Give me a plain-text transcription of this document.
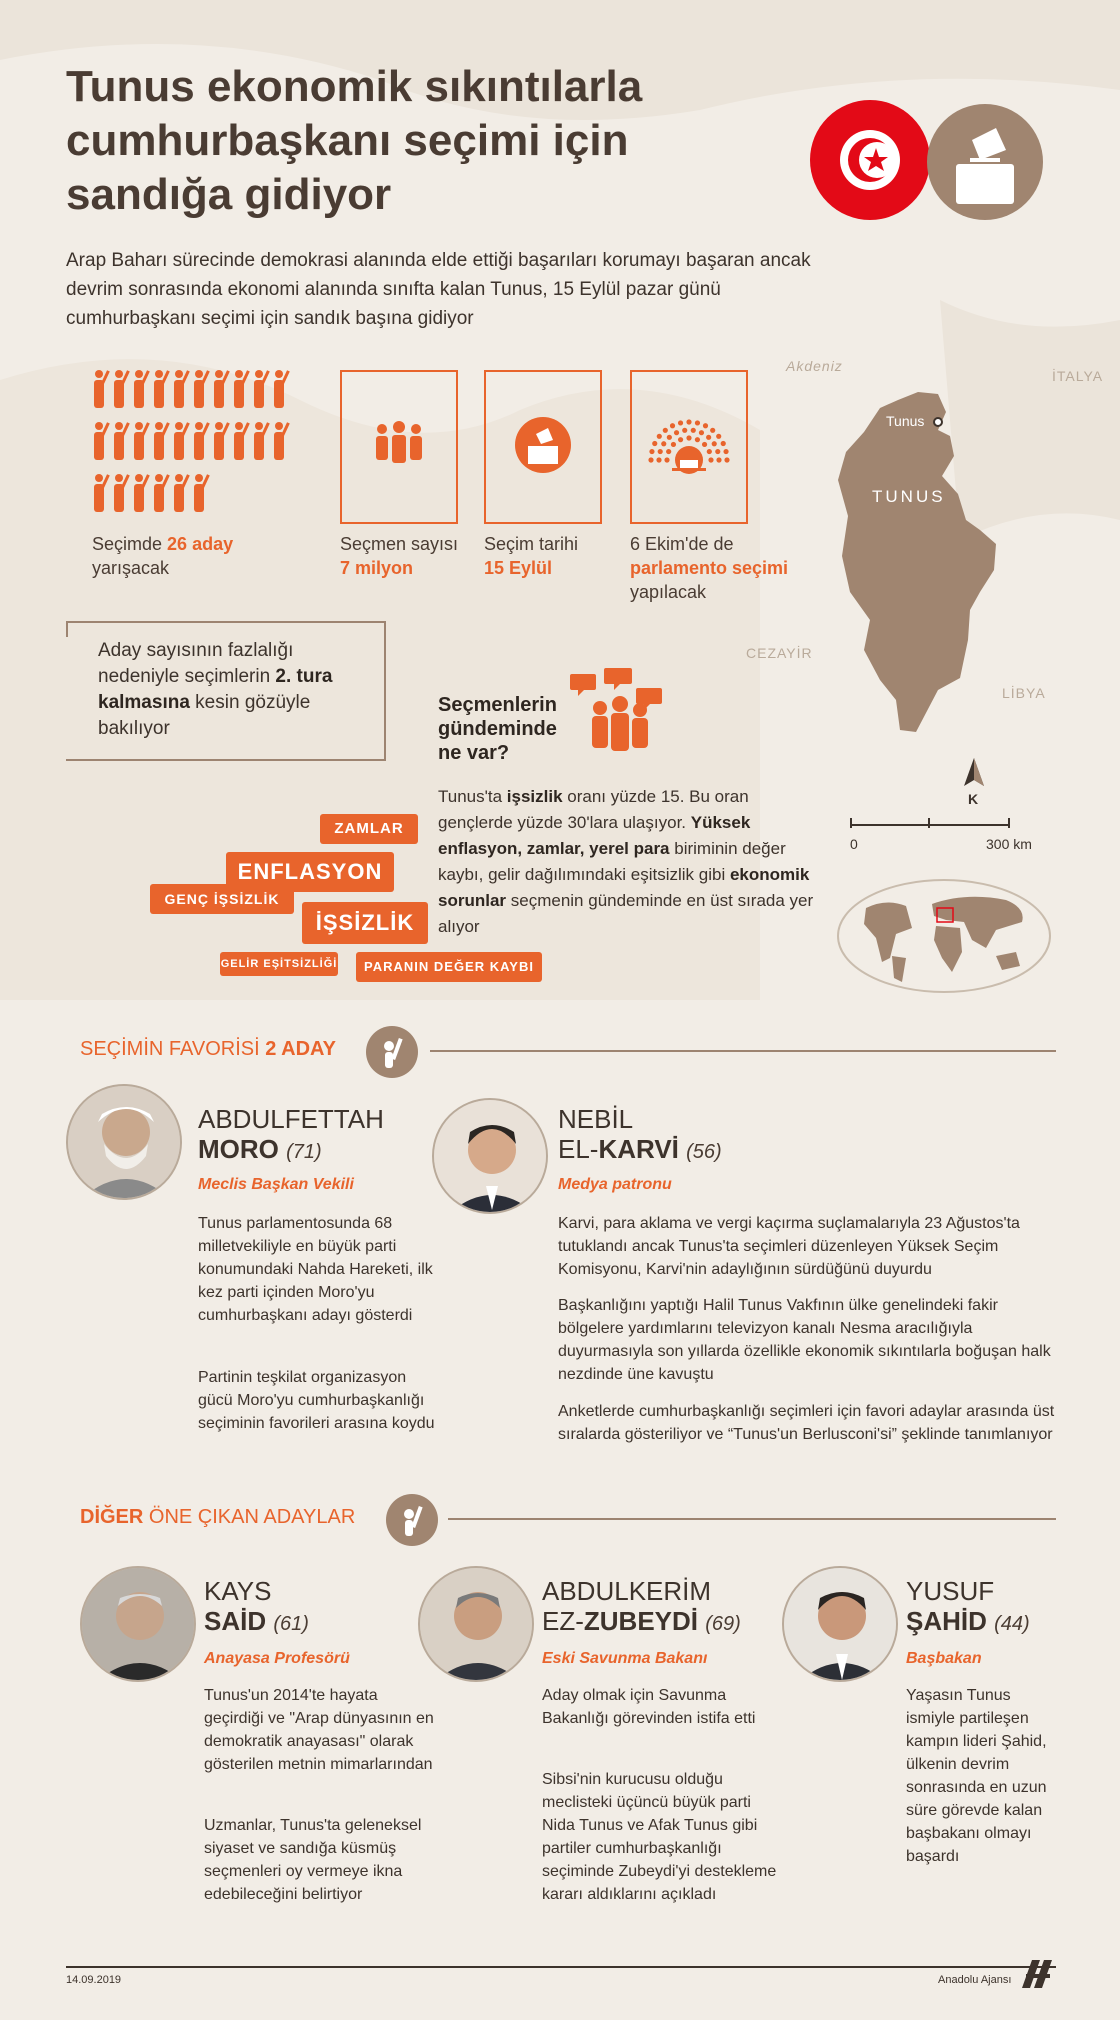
Tunus ekonomik sıkıntılarla
cumhurbaşkanı seçimi için
sandığa gidiyor
Arap Baharı sürecinde demokrasi alanında elde ettiği başarıları korumayı başaran ancak devrim sonrasında ekonomi alanında sınıfta kalan Tunus, 15 Eylül pazar günü cumhurbaşkanı seçimi için sandık başına gidiyor
Seçimde 26 aday
yarışacak
Seçmen sayısı
7 milyon
Seçim tarihi
15 Eylül
6 Ekim'de de
parlamento seçimi
yapılacak
Akdeniz
İTALYA
Tunus
TUNUS
CEZAYİR
LİBYA
K
0	300 km
Aday sayısının fazlalığı nedeniyle seçimlerin 2. tura kalmasına kesin gözüyle bakılıyor
Seçmenlerin
gündeminde
ne var?
Tunus'ta işsizlik oranı yüzde 15. Bu oran gençlerde yüzde 30'lara ulaşıyor. Yüksek enflasyon, zamlar, yerel para biriminin değer kaybı, gelir dağılımındaki eşitsizlik gibi ekonomik sorunlar seçmenin gündeminde en üst sırada yer alıyor
ZAMLAR
ENFLASYON
GENÇ İŞSİZLİK
İŞSİZLİK
GELİR EŞİTSİZLİĞİ	PARANIN DEĞER KAYBI
SEÇİMİN FAVORİSİ 2 ADAY
ABDULFETTAH
MORO (71)
Meclis Başkan Vekili
Tunus parlamentosunda 68 milletvekiliyle en büyük parti konumundaki Nahda Hareketi, ilk kez parti içinden Moro'yu cumhurbaşkanı adayı gösterdi
Partinin teşkilat organizasyon gücü Moro'yu cumhurbaşkanlığı seçiminin favorileri arasına koydu
NEBİL
EL-KARVİ (56)
Medya patronu
Karvi, para aklama ve vergi kaçırma suçlamalarıyla 23 Ağustos'ta tutuklandı ancak Tunus'ta seçimleri düzenleyen Yüksek Seçim Komisyonu, Karvi'nin adaylığının sürdüğünü duyurdu
Başkanlığını yaptığı Halil Tunus Vakfının ülke genelindeki fakir bölgelere yardımlarını televizyon kanalı Nesma aracılığıyla duyurmasıyla son yıllarda özellikle ekonomik sıkıntılarla boğuşan halk nezdinde üne kavuştu
Anketlerde cumhurbaşkanlığı seçimleri için favori adaylar arasında üst sıralarda gösteriliyor ve “Tunus'un Berlusconi'si” şeklinde tanımlanıyor
DİĞER ÖNE ÇIKAN ADAYLAR
KAYS
SAİD (61)
Anayasa Profesörü
Tunus'un 2014'te hayata geçirdiği ve "Arap dünyasının en demokratik anayasası" olarak gösterilen metnin mimarlarından
Uzmanlar, Tunus'ta geleneksel siyaset ve sandığa küsmüş seçmenleri oy vermeye ikna edebileceğini belirtiyor
ABDULKERİM
EZ-ZUBEYDİ (69)
Eski Savunma Bakanı
Aday olmak için Savunma Bakanlığı görevinden istifa etti
Sibsi'nin kurucusu olduğu meclisteki üçüncü büyük parti Nida Tunus ve Afak Tunus gibi partiler cumhurbaşkanlığı seçiminde Zubeydi'yi destekleme kararı aldıklarını açıkladı
YUSUF
ŞAHİD (44)
Başbakan
Yaşasın Tunus ismiyle partileşen kampın lideri Şahid, ülkenin devrim sonrasında en uzun süre görevde kalan başbakanı olmayı başardı
14.09.2019	Anadolu Ajansı
